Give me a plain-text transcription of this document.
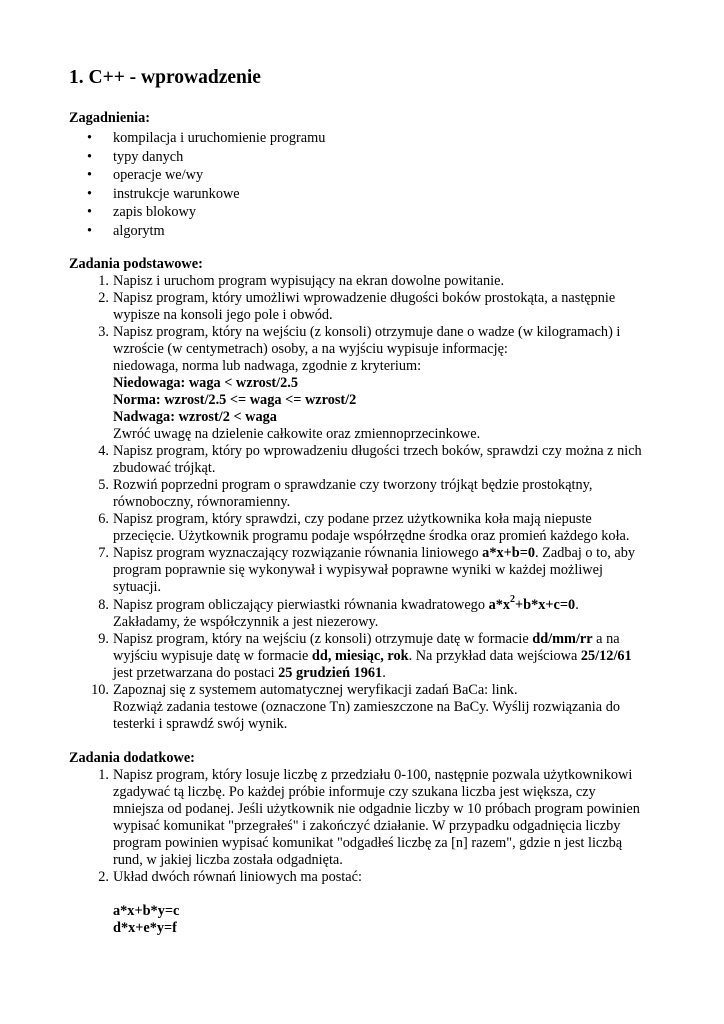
1. C++ - wprowadzenie
Zagadnienia:
• kompilacja i uruchomienie programu
• typy danych
• operacje we/wy
• instrukcje warunkowe
• zapis blokowy
• algorytm
Zadania podstawowe:
1. Napisz i uruchom program wypisujący na ekran dowolne powitanie.
2. Napisz program, który umożliwi wprowadzenie długości boków prostokąta, a następnie
wypisze na konsoli jego pole i obwód.
3. Napisz program, który na wejściu (z konsoli) otrzymuje dane o wadze (w kilogramach) i
wzroście (w centymetrach) osoby, a na wyjściu wypisuje informację:
niedowaga, norma lub nadwaga, zgodnie z kryterium:
Niedowaga: waga < wzrost/2.5
Norma: wzrost/2.5 <= waga <= wzrost/2
Nadwaga: wzrost/2 < waga
Zwróć uwagę na dzielenie całkowite oraz zmiennoprzecinkowe.
4. Napisz program, który po wprowadzeniu długości trzech boków, sprawdzi czy można z nich
zbudować trójkąt.
5. Rozwiń poprzedni program o sprawdzanie czy tworzony trójkąt będzie prostokątny,
równoboczny, równoramienny.
6. Napisz program, który sprawdzi, czy podane przez użytkownika koła mają niepuste
przecięcie. Użytkownik programu podaje współrzędne środka oraz promień każdego koła.
7. Napisz program wyznaczający rozwiązanie równania liniowego a*x+b=0. Zadbaj o to, aby
program poprawnie się wykonywał i wypisywał poprawne wyniki w każdej możliwej
sytuacji.
8. Napisz program obliczający pierwiastki równania kwadratowego $a*x^2+b*x+c=0$.
Zakładamy, że współczynnik a jest niezerowy.
9. Napisz program, który na wejściu (z konsoli) otrzymuje datę w formacie dd/mm/rr a na
wyjściu wypisuje datę w formacie dd, miesiąc, rok. Na przykład data wejściowa 25/12/61
jest przetwarzana do postaci 25 grudzień 1961.
10. Zapoznaj się z systemem automatycznej weryfikacji zadań BaCa: link.
Rozwiąż zadania testowe (oznaczone Tn) zamieszczone na BaCy. Wyślij rozwiązania do
testerki i sprawdź swój wynik.
Zadania dodatkowe:
1. Napisz program, który losuje liczbę z przedziału 0-100, następnie pozwala użytkownikowi
zgadywać tą liczbę. Po każdej próbie informuje czy szukana liczba jest większa, czy
mniejsza od podanej. Jeśli użytkownik nie odgadnie liczby w 10 próbach program powinien
wypisać komunikat "przegrałeś" i zakończyć działanie. W przypadku odgadnięcia liczby
program powinien wypisać komunikat "odgadłeś liczbę za [n] razem", gdzie n jest liczbą
rund, w jakiej liczba została odgadnięta.
2. Układ dwóch równań liniowych ma postać:
a*x+b*y=c
d*x+e*y=f
